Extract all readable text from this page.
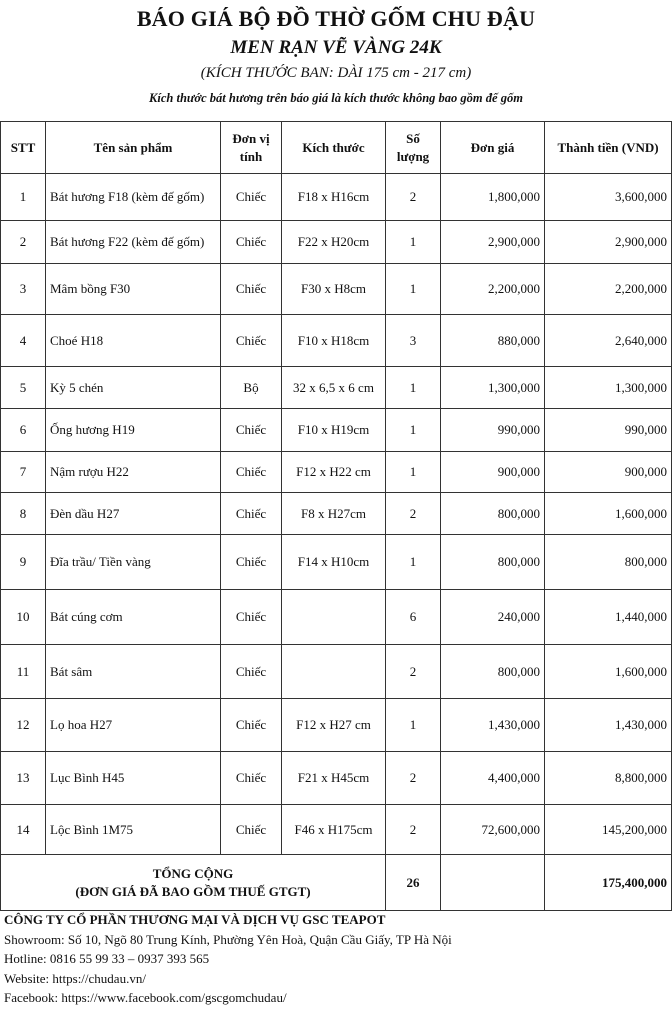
BÁO GIÁ BỘ ĐỒ THỜ GỐM CHU ĐẬU
MEN RẠN VẼ VÀNG 24K
(KÍCH THƯỚC BAN: DÀI 175 cm - 217 cm)
Kích thước bát hương trên báo giá là kích thước không bao gồm đế gốm
STT	Tên sản phẩm	Đơn vị tính	Kích thước	Số lượng	Đơn giá	Thành tiền (VND)
1	Bát hương F18 (kèm đế gốm)	Chiếc	F18 x H16cm	2	1,800,000	3,600,000
2	Bát hương F22 (kèm đế gốm)	Chiếc	F22 x H20cm	1	2,900,000	2,900,000
3	Mâm bồng F30	Chiếc	F30 x H8cm	1	2,200,000	2,200,000
4	Choé H18	Chiếc	F10 x H18cm	3	880,000	2,640,000
5	Kỳ 5 chén	Bộ	32 x 6,5 x 6 cm	1	1,300,000	1,300,000
6	Ống hương H19	Chiếc	F10 x H19cm	1	990,000	990,000
7	Nậm rượu H22	Chiếc	F12 x H22 cm	1	900,000	900,000
8	Đèn dầu H27	Chiếc	F8 x H27cm	2	800,000	1,600,000
9	Đĩa trầu/ Tiền vàng	Chiếc	F14 x H10cm	1	800,000	800,000
10	Bát cúng cơm	Chiếc		6	240,000	1,440,000
11	Bát sâm	Chiếc		2	800,000	1,600,000
12	Lọ hoa H27	Chiếc	F12 x H27 cm	1	1,430,000	1,430,000
13	Lục Bình H45	Chiếc	F21 x H45cm	2	4,400,000	8,800,000
14	Lộc Bình 1M75	Chiếc	F46 x H175cm	2	72,600,000	145,200,000

TỔNG CỘNG
(ĐƠN GIÁ ĐÃ BAO GỒM THUẾ GTGT)				26		175,400,000
CÔNG TY CỔ PHẦN THƯƠNG MẠI VÀ DỊCH VỤ GSC TEAPOT
Showroom: Số 10, Ngõ 80 Trung Kính, Phường Yên Hoà, Quận Cầu Giấy, TP Hà Nội
Hotline: 0816 55 99 33 – 0937 393 565
Website: https://chudau.vn/
Facebook: https://www.facebook.com/gscgomchudau/
